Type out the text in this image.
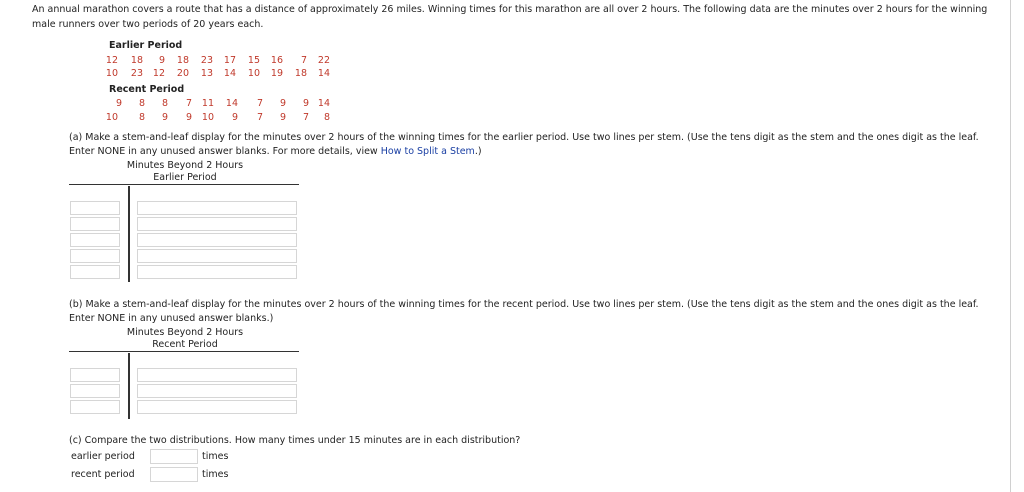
An annual marathon covers a route that has a distance of approximately 26 miles. Winning times for this marathon are all over 2 hours. The following data are the minutes over 2 hours for the winning male runners over two periods of 20 years each.
Earlier Period
12 18	9 18 23 17 15 16	7 22
10 23 12 20 13 14 10 19 18 14
Recent Period
9	8	8	7 11 14	7	9	9 14
10	8	9	9 10	9	7	9	7	8
(a) Make a stem-and-leaf display for the minutes over 2 hours of the winning times for the earlier period. Use two lines per stem. (Use the tens digit as the stem and the ones digit as the leaf. Enter NONE in any unused answer blanks. For more details, view How to Split a Stem.)
Minutes Beyond 2 Hours
Earlier Period
(b) Make a stem-and-leaf display for the minutes over 2 hours of the winning times for the recent period. Use two lines per stem. (Use the tens digit as the stem and the ones digit as the leaf. Enter NONE in any unused answer blanks.)
Minutes Beyond 2 Hours
Recent Period
(c) Compare the two distributions. How many times under 15 minutes are in each distribution?
earlier period	times
recent period	times
